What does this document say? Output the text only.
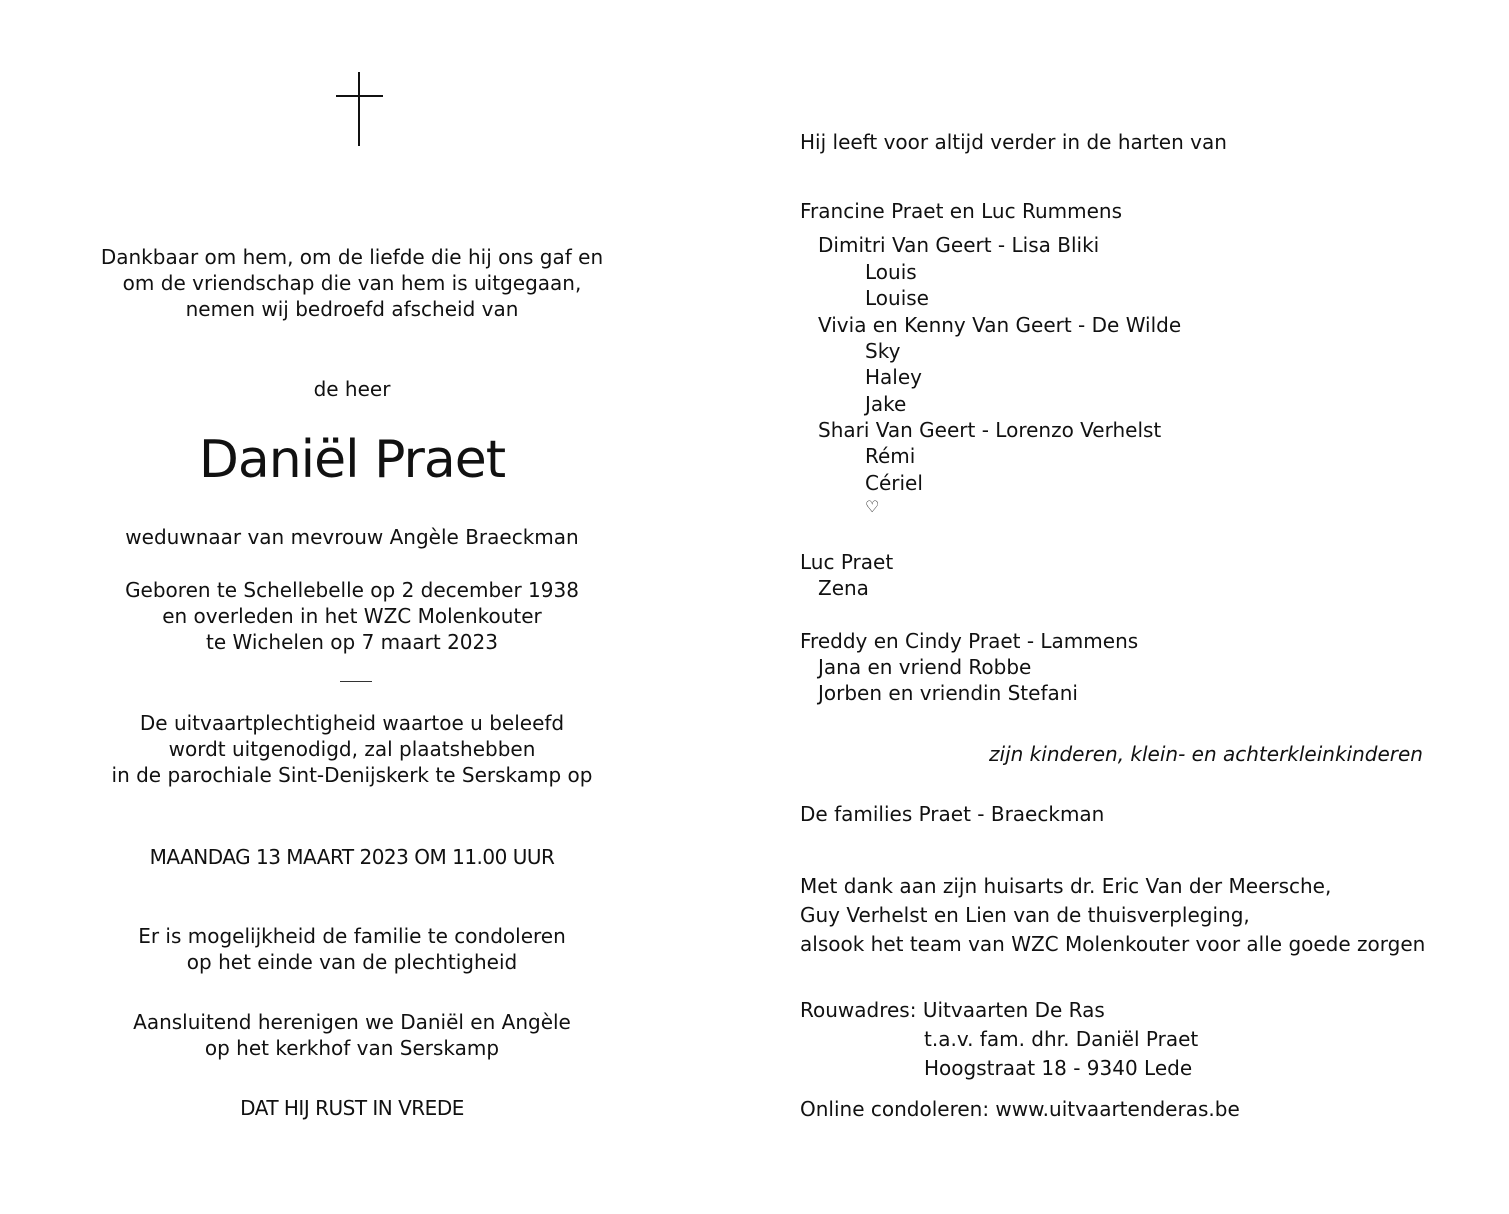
Dankbaar om hem, om de liefde die hij ons gaf en
om de vriendschap die van hem is uitgegaan,
nemen wij bedroefd afscheid van
de heer
Daniël Praet
weduwnaar van mevrouw Angèle Braeckman
Geboren te Schellebelle op 2 december 1938
en overleden in het WZC Molenkouter
te Wichelen op 7 maart 2023
De uitvaartplechtigheid waartoe u beleefd
wordt uitgenodigd, zal plaatshebben
in de parochiale Sint-Denijskerk te Serskamp op
MAANDAG 13 MAART 2023 OM 11.00 UUR
Er is mogelijkheid de familie te condoleren
op het einde van de plechtigheid
Aansluitend herenigen we Daniël en Angèle
op het kerkhof van Serskamp
DAT HIJ RUST IN VREDE
Hij leeft voor altijd verder in de harten van
Francine Praet en Luc Rummens
Dimitri Van Geert - Lisa Bliki
Louis
Louise
Vivia en Kenny Van Geert - De Wilde
Sky
Haley
Jake
Shari Van Geert - Lorenzo Verhelst
Rémi
Cériel
♡
Luc Praet
Zena
Freddy en Cindy Praet - Lammens
Jana en vriend Robbe
Jorben en vriendin Stefani
zijn kinderen, klein- en achterkleinkinderen
De families Praet - Braeckman
Met dank aan zijn huisarts dr. Eric Van der Meersche,
Guy Verhelst en Lien van de thuisverpleging,
alsook het team van WZC Molenkouter voor alle goede zorgen
Rouwadres: Uitvaarten De Ras
t.a.v. fam. dhr. Daniël Praet
Hoogstraat 18 - 9340 Lede
Online condoleren: www.uitvaartenderas.be
